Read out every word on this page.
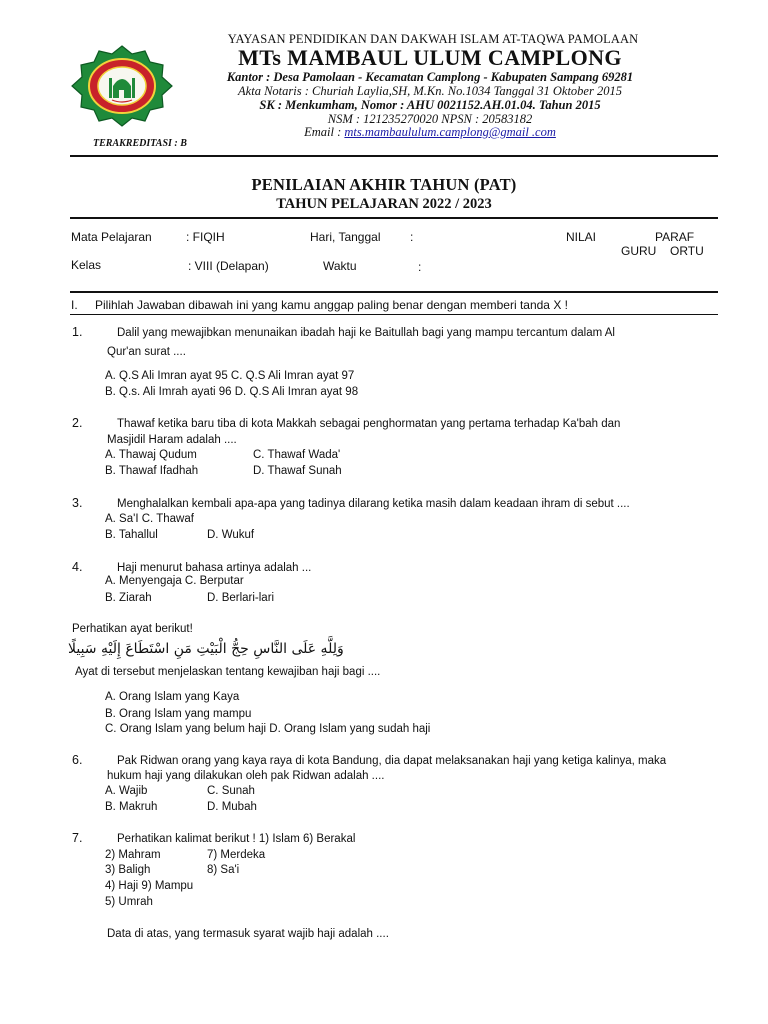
YAYASAN PENDIDIKAN DAN DAKWAH ISLAM AT-TAQWA PAMOLAAN
MTs MAMBAUL ULUM CAMPLONG
Kantor : Desa Pamolaan - Kecamatan Camplong - Kabupaten Sampang 69281
Akta Notaris : Churiah Laylia,SH, M.Kn. No.1034 Tanggal 31 Oktober 2015
SK : Menkumham, Nomor : AHU 0021152.AH.01.04. Tahun 2015
NSM : 121235270020 NPSN : 20583182
Email : mts.mambaululum.camplong@gmail .com
TERAKREDITASI : B
PENILAIAN AKHIR TAHUN (PAT)
TAHUN PELAJARAN 2022 / 2023
Mata Pelajaran	: FIQIH	Hari, Tanggal :	NILAI	PARAF
GURU ORTU
Kelas	: VIII (Delapan)	Waktu	:
I. Pilihlah Jawaban dibawah ini yang kamu anggap paling benar dengan memberi tanda X !
1.	Dalil yang mewajibkan menunaikan ibadah haji ke Baitullah bagi yang mampu tercantum dalam Al
Qur'an surat ....
A. Q.S Ali Imran ayat 95 C. Q.S Ali Imran ayat 97
B. Q.s. Ali Imrah ayati 96 D. Q.S Ali Imran ayat 98
2.	Thawaf ketika baru tiba di kota Makkah sebagai penghormatan yang pertama terhadap Ka'bah dan
Masjidil Haram adalah ....
A. Thawaj Qudum	C. Thawaf Wada'
B. Thawaf Ifadhah	D. Thawaf Sunah
3.	Menghalalkan kembali apa-apa yang tadinya dilarang ketika masih dalam keadaan ihram di sebut ....
A. Sa'I C. Thawaf
B. Tahallul	D. Wukuf
4.	Haji menurut bahasa artinya adalah ...
A. Menyengaja C. Berputar
B. Ziarah	D. Berlari-lari
Perhatikan ayat berikut!
وَلِلَّهِ عَلَى النَّاسِ حِجُّ الْبَيْتِ مَنِ اسْتَطَاعَ إِلَيْهِ سَبِيلًا
Ayat di tersebut menjelaskan tentang kewajiban haji bagi ....
A. Orang Islam yang Kaya
B. Orang Islam yang mampu
C. Orang Islam yang belum haji D. Orang Islam yang sudah haji
6.	Pak Ridwan orang yang kaya raya di kota Bandung, dia dapat melaksanakan haji yang ketiga kalinya, maka
hukum haji yang dilakukan oleh pak Ridwan adalah ....
A. Wajib	C. Sunah
B. Makruh	D. Mubah
7.	Perhatikan kalimat berikut ! 1) Islam 6) Berakal
2) Mahram	7) Merdeka
3) Baligh	8) Sa'i
4) Haji 9) Mampu
5) Umrah
Data di atas, yang termasuk syarat wajib haji adalah ....
